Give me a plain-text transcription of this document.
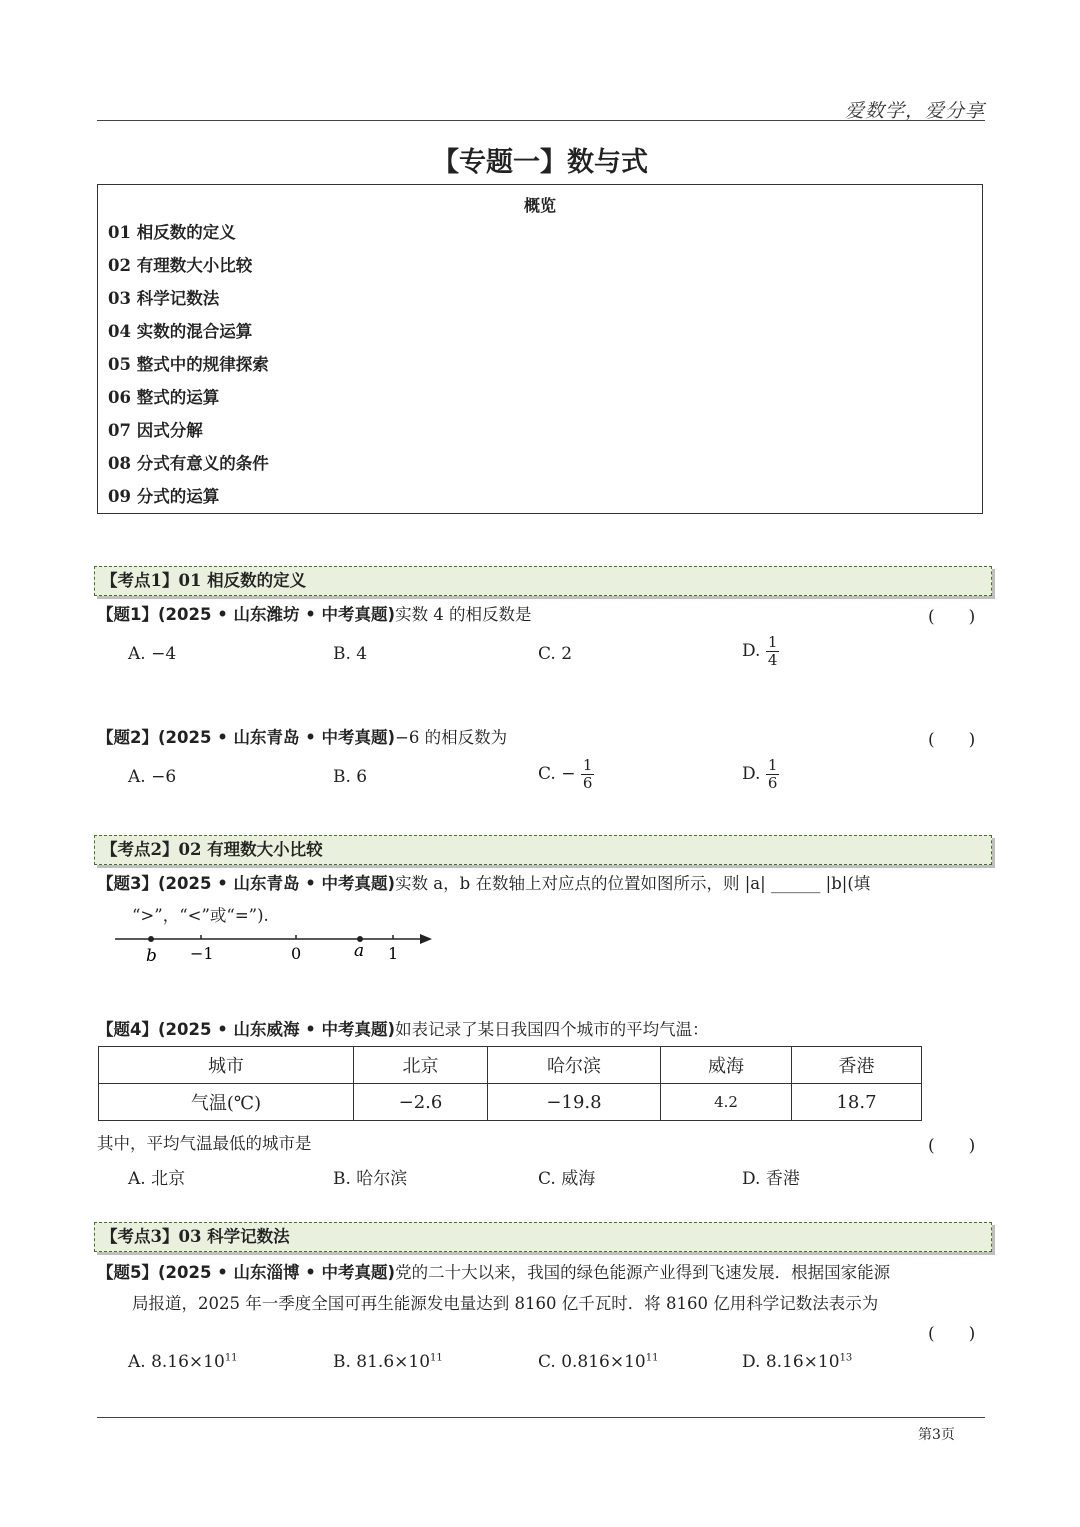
爱数学，爱分享
【专题一】数与式
概览
01 相反数的定义
02 有理数大小比较
03 科学记数法
04 实数的混合运算
05 整式中的规律探索
06 整式的运算
07 因式分解
08 分式有意义的条件
09 分式的运算
【考点1】01 相反数的定义
【题1】(2025 • 山东潍坊 • 中考真题)实数 4 的相反数是	(　　)
A. −4	B. 4	C. 2	D. $\frac{1}{4}$
【题2】(2025 • 山东青岛 • 中考真题)−6 的相反数为	(　　)
A. −6	B. 6	C. − $\frac{1}{6}$	D. $\frac{1}{6}$
【考点2】02 有理数大小比较
【题3】(2025 • 山东青岛 • 中考真题)实数 a，b 在数轴上对应点的位置如图所示，则 |a| ______ |b|(填
“>”，“<”或“=”).
b −1	0	a 1
【题4】(2025 • 山东威海 • 中考真题)如表记录了某日我国四个城市的平均气温：
城市	北京	哈尔滨	威海	香港
气温(℃)	−2.6	−19.8	4.2	18.7
其中，平均气温最低的城市是	(　　)
A. 北京	B. 哈尔滨	C. 威海	D. 香港
【考点3】03 科学记数法
【题5】(2025 • 山东淄博 • 中考真题)党的二十大以来，我国的绿色能源产业得到飞速发展．根据国家能源
局报道，2025 年一季度全国可再生能源发电量达到 8160 亿千瓦时．将 8160 亿用科学记数法表示为
(　　)
A. $8.16\times 10^{11}$	B. $81.6\times 10^{11}$	C. $0.816\times 10^{11}$	D. $8.16\times 10^{13}$
第3页
